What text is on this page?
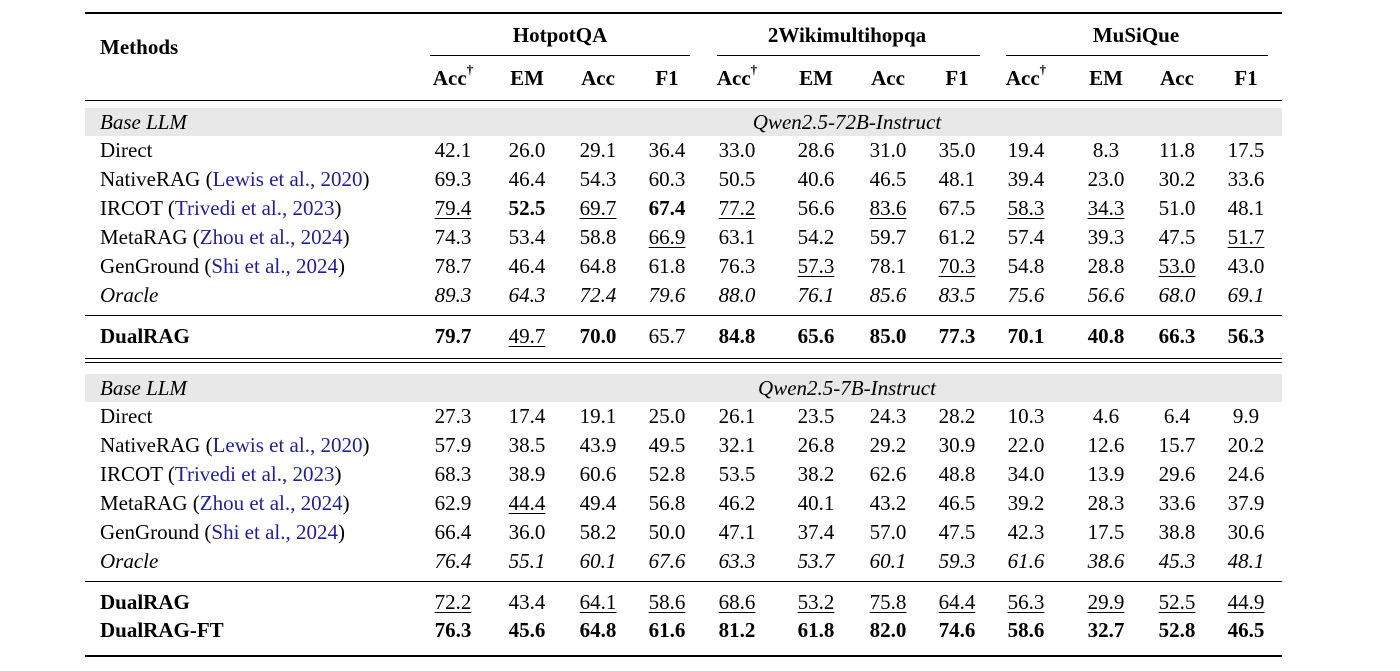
Methods	HotpotQA	2Wikimultihopqa	MuSiQue
Acc†	EM	Acc	F1	Acc†	EM	Acc	F1	Acc†	EM	Acc	F1
Base LLM	Qwen2.5-72B-Instruct
Direct	42.1	26.0	29.1	36.4	33.0	28.6	31.0	35.0	19.4	8.3	11.8	17.5
NativeRAG (Lewis et al., 2020)	69.3	46.4	54.3	60.3	50.5	40.6	46.5	48.1	39.4	23.0	30.2	33.6
IRCOT (Trivedi et al., 2023)	79.4	52.5	69.7	67.4	77.2	56.6	83.6	67.5	58.3	34.3	51.0	48.1
MetaRAG (Zhou et al., 2024)	74.3	53.4	58.8	66.9	63.1	54.2	59.7	61.2	57.4	39.3	47.5	51.7
GenGround (Shi et al., 2024)	78.7	46.4	64.8	61.8	76.3	57.3	78.1	70.3	54.8	28.8	53.0	43.0
Oracle	89.3	64.3	72.4	79.6	88.0	76.1	85.6	83.5	75.6	56.6	68.0	69.1
DualRAG	79.7	49.7	70.0	65.7	84.8	65.6	85.0	77.3	70.1	40.8	66.3	56.3
Base LLM	Qwen2.5-7B-Instruct
Direct	27.3	17.4	19.1	25.0	26.1	23.5	24.3	28.2	10.3	4.6	6.4	9.9
NativeRAG (Lewis et al., 2020)	57.9	38.5	43.9	49.5	32.1	26.8	29.2	30.9	22.0	12.6	15.7	20.2
IRCOT (Trivedi et al., 2023)	68.3	38.9	60.6	52.8	53.5	38.2	62.6	48.8	34.0	13.9	29.6	24.6
MetaRAG (Zhou et al., 2024)	62.9	44.4	49.4	56.8	46.2	40.1	43.2	46.5	39.2	28.3	33.6	37.9
GenGround (Shi et al., 2024)	66.4	36.0	58.2	50.0	47.1	37.4	57.0	47.5	42.3	17.5	38.8	30.6
Oracle	76.4	55.1	60.1	67.6	63.3	53.7	60.1	59.3	61.6	38.6	45.3	48.1
DualRAG	72.2	43.4	64.1	58.6	68.6	53.2	75.8	64.4	56.3	29.9	52.5	44.9
DualRAG-FT	76.3	45.6	64.8	61.6	81.2	61.8	82.0	74.6	58.6	32.7	52.8	46.5
